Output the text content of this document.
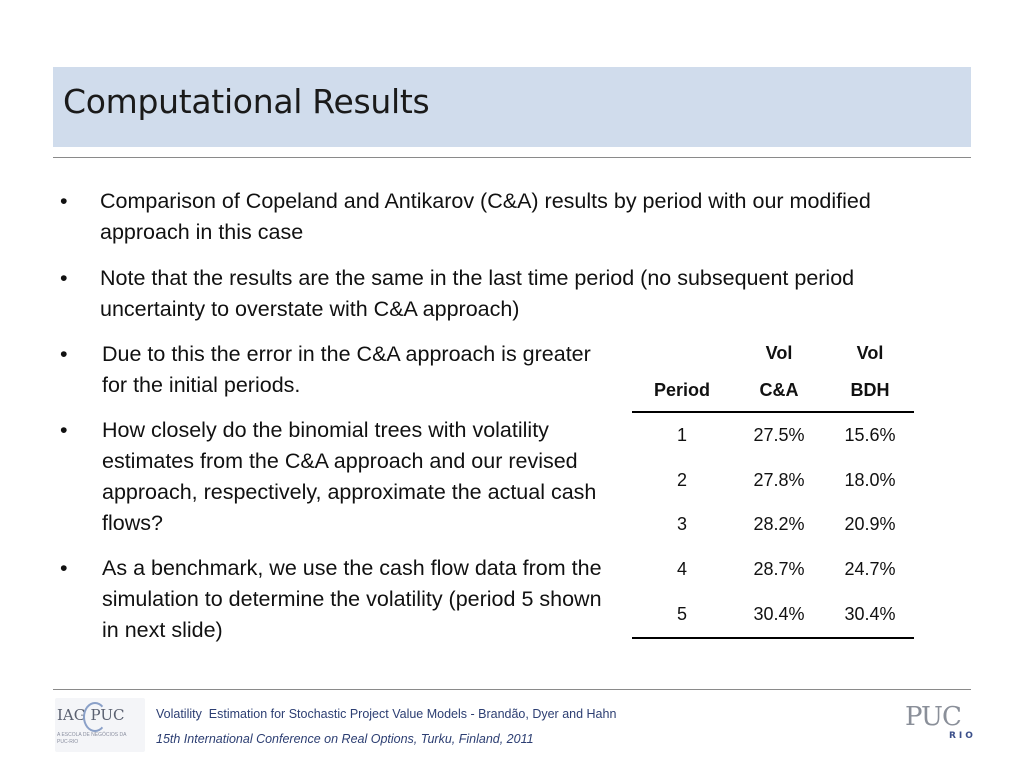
Computational Results
•	Comparison of Copeland and Antikarov (C&A) results by period with our modified approach in this case
•	Note that the results are the same in the last time period (no subsequent period uncertainty to overstate with C&A approach)
•	Due to this the error in the C&A approach is greater for the initial periods.
•	How closely do the binomial trees with volatility estimates from the C&A approach and our revised approach, respectively, approximate the actual cash flows?
•	As a benchmark, we use the cash flow data from the simulation to determine the volatility (period 5 shown in next slide)
	Vol	Vol
Period	C&A	BDH
1	27.5%	15.6%
2	27.8%	18.0%
3	28.2%	20.9%
4	28.7%	24.7%
5	30.4%	30.4%
IAG PUC
A ESCOLA DE NEGÓCIOS DA PUC-RIO
Volatility  Estimation for Stochastic Project Value Models - Brandão, Dyer and Hahn
15th International Conference on Real Options, Turku, Finland, 2011
PUC
RIO
